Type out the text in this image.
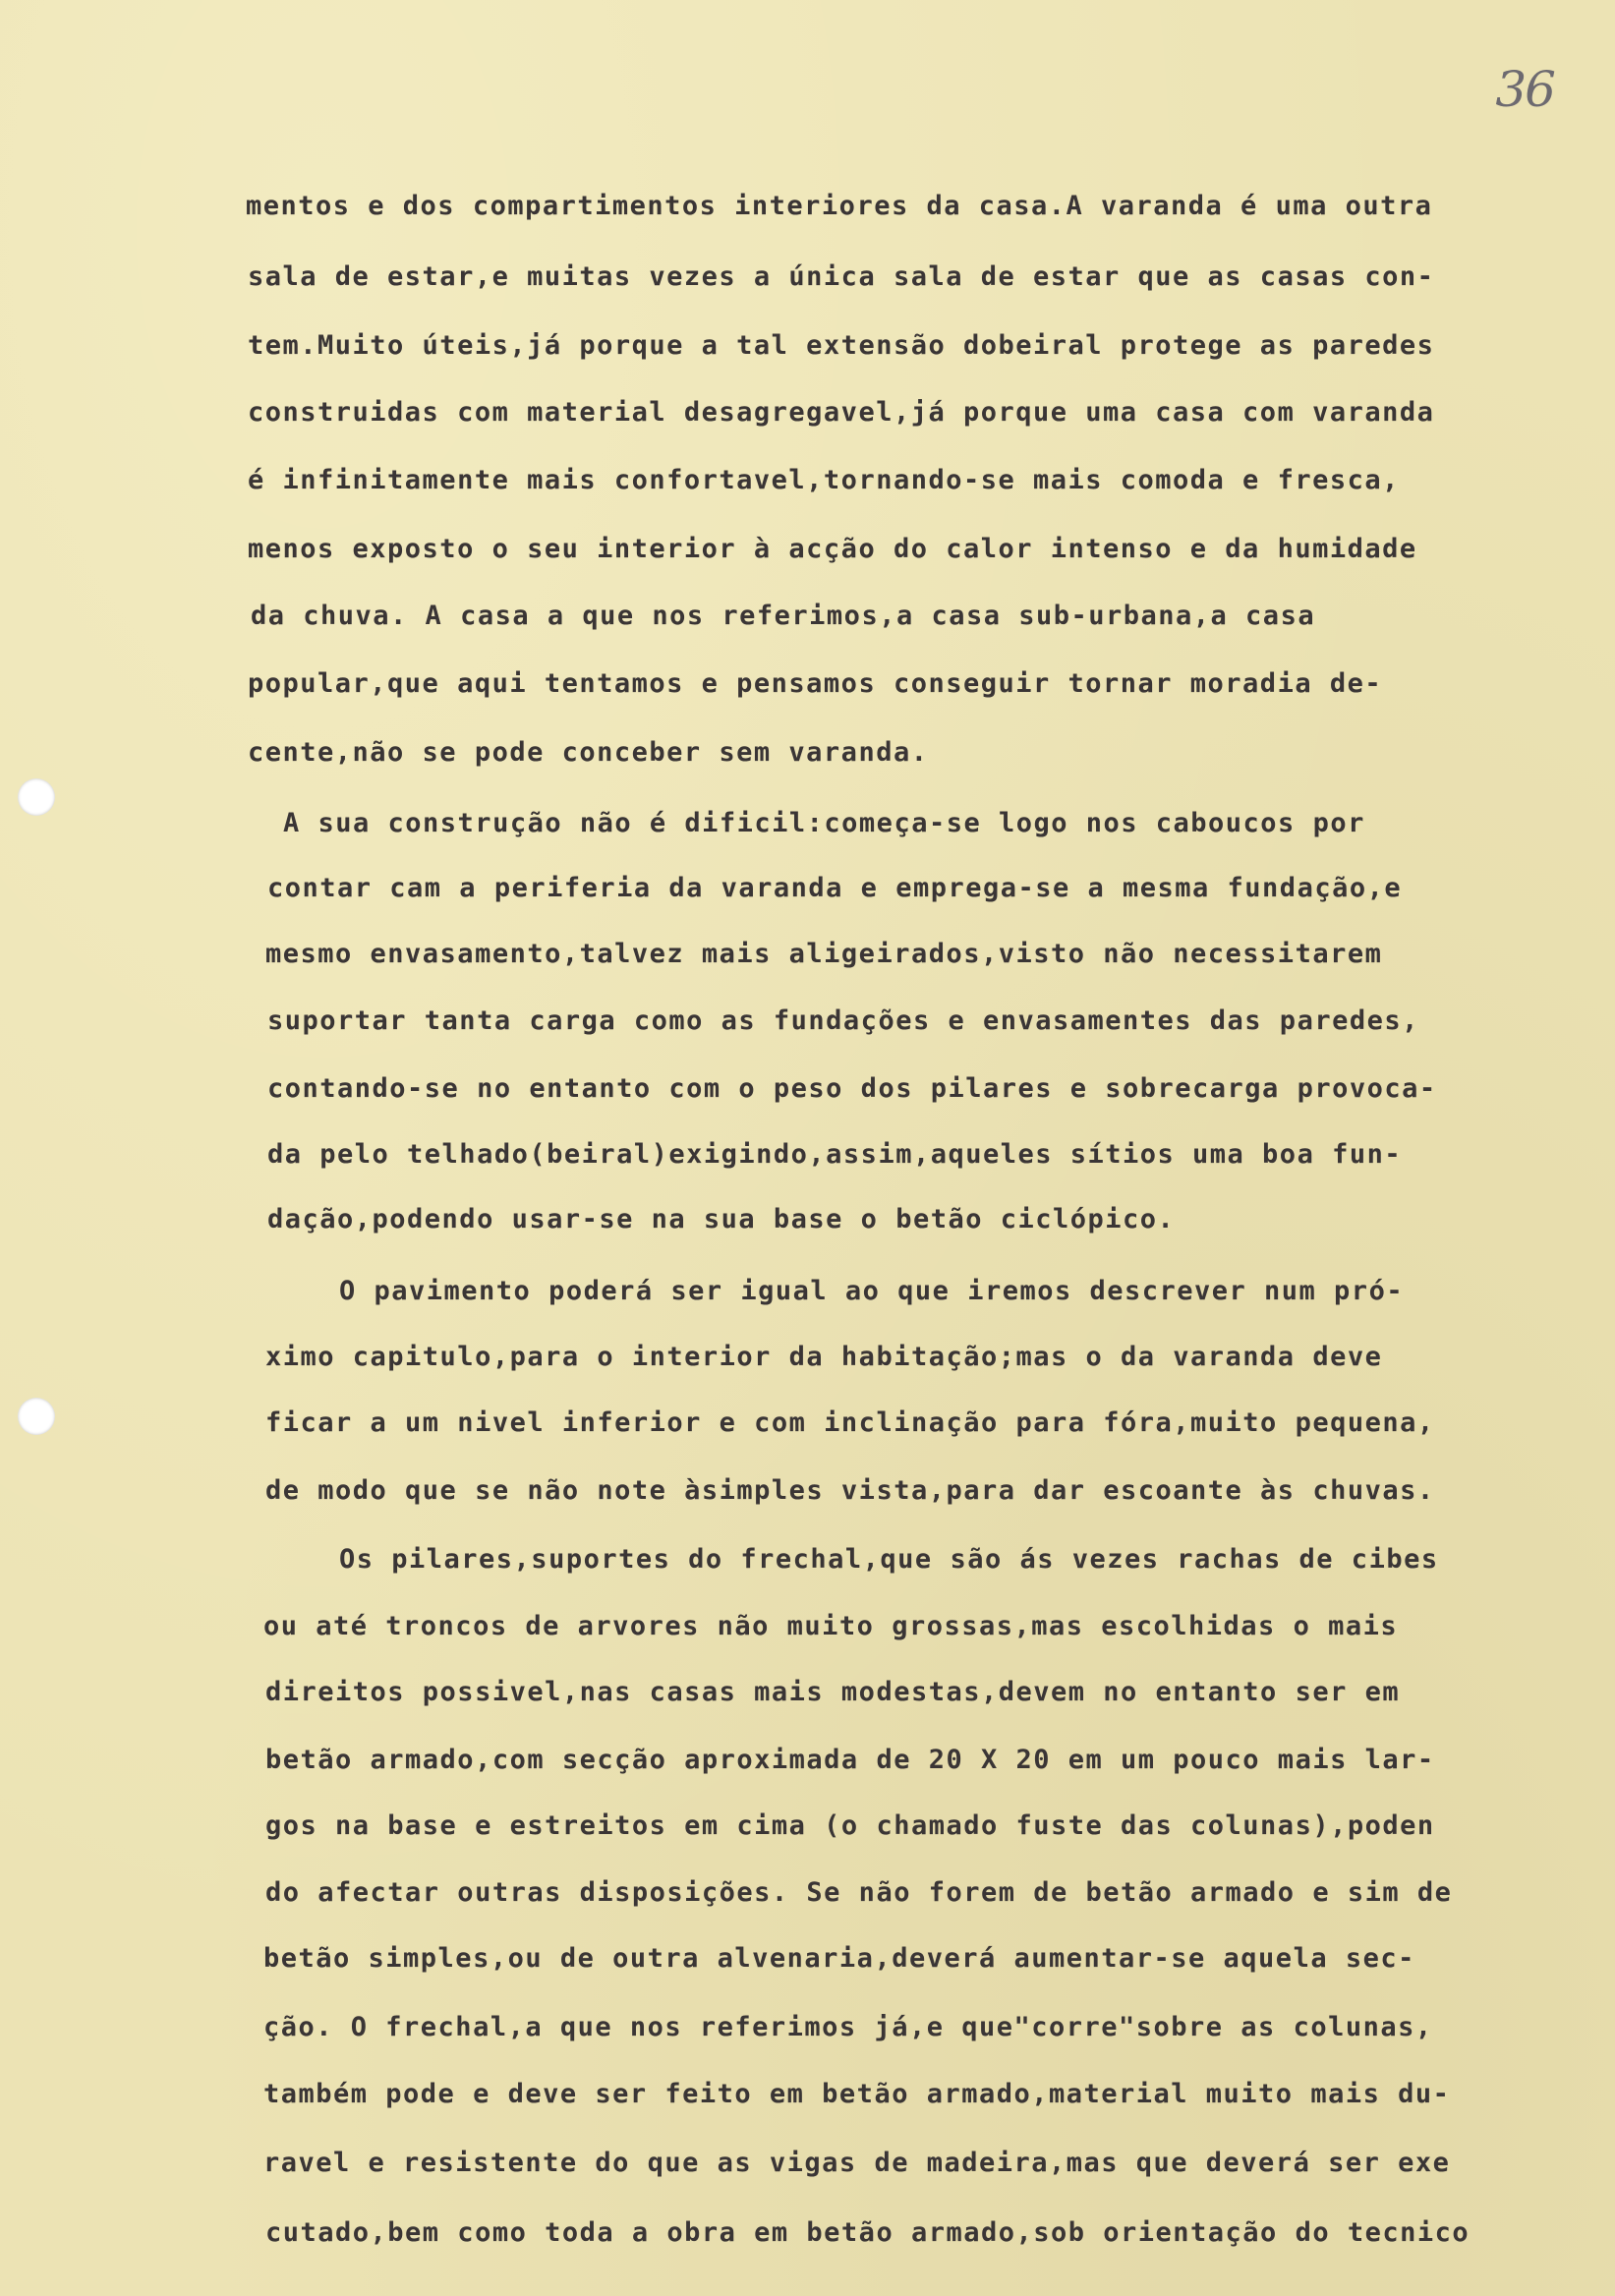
36
mentos e dos compartimentos interiores da casa.A varanda é uma outra
sala de estar,e muitas vezes a única sala de estar que as casas con-
tem.Muito úteis,já porque a tal extensão dobeiral protege as paredes
construidas com material desagregavel,já porque uma casa com varanda
é infinitamente mais confortavel,tornando-se mais comoda e fresca,
menos exposto o seu interior à acção do calor intenso e da humidade
da chuva. A casa a que nos referimos,a casa sub-urbana,a casa
popular,que aqui tentamos e pensamos conseguir tornar moradia de-
cente,não se pode conceber sem varanda.
A sua construção não é dificil:começa-se logo nos caboucos por
contar cam a periferia da varanda e emprega-se a mesma fundação,e
mesmo envasamento,talvez mais aligeirados,visto não necessitarem
suportar tanta carga como as fundações e envasamentes das paredes,
contando-se no entanto com o peso dos pilares e sobrecarga provoca-
da pelo telhado(beiral)exigindo,assim,aqueles sítios uma boa fun-
dação,podendo usar-se na sua base o betão ciclópico.
O pavimento poderá ser igual ao que iremos descrever num pró-
ximo capitulo,para o interior da habitação;mas o da varanda deve
ficar a um nivel inferior e com inclinação para fóra,muito pequena,
de modo que se não note àsimples vista,para dar escoante às chuvas.
Os pilares,suportes do frechal,que são ás vezes rachas de cibes
ou até troncos de arvores não muito grossas,mas escolhidas o mais
direitos possivel,nas casas mais modestas,devem no entanto ser em
betão armado,com secção aproximada de 20 X 20 em um pouco mais lar-
gos na base e estreitos em cima (o chamado fuste das colunas),poden
do afectar outras disposições. Se não forem de betão armado e sim de
betão simples,ou de outra alvenaria,deverá aumentar-se aquela sec-
ção. O frechal,a que nos referimos já,e que"corre"sobre as colunas,
também pode e deve ser feito em betão armado,material muito mais du-
ravel e resistente do que as vigas de madeira,mas que deverá ser exe
cutado,bem como toda a obra em betão armado,sob orientação do tecnico
